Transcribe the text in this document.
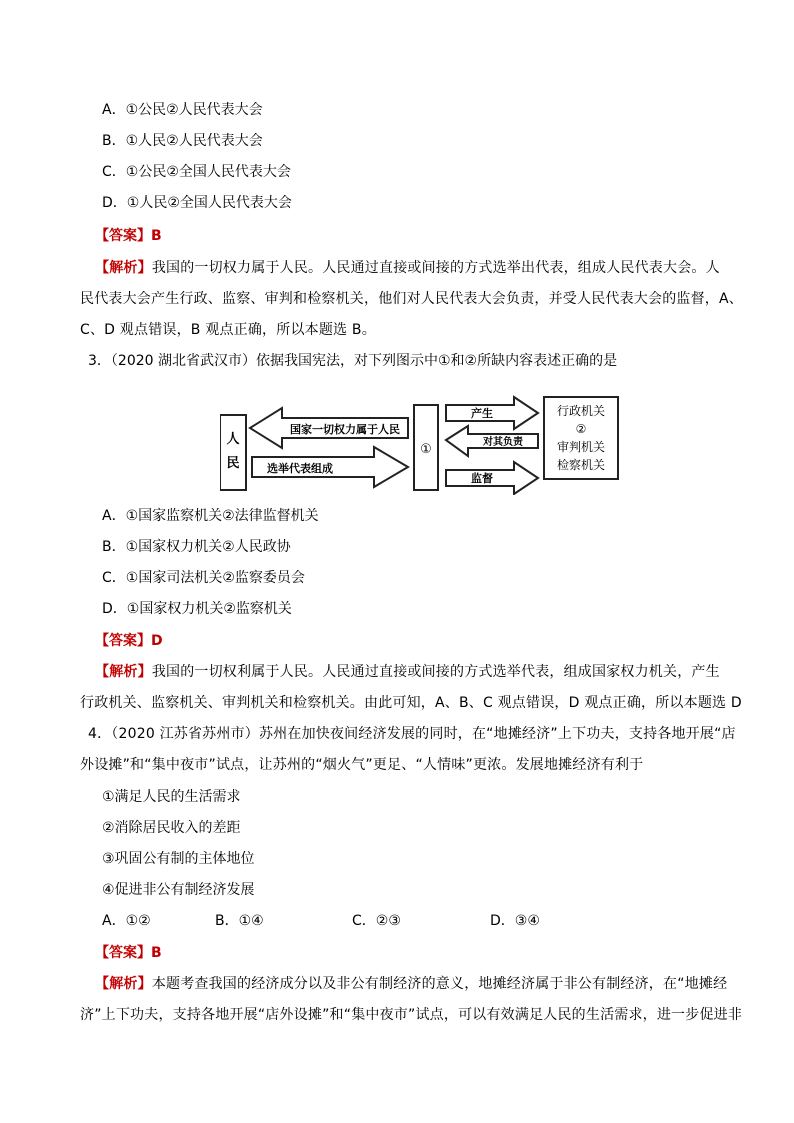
A．①公民②人民代表大会
B．①人民②人民代表大会
C．①公民②全国人民代表大会
D．①人民②全国人民代表大会
【答案】B
【解析】我国的一切权力属于人民。人民通过直接或间接的方式选举出代表，组成人民代表大会。人
民代表大会产生行政、监察、审判和检察机关，他们对人民代表大会负责，并受人民代表大会的监督，A、
C、D 观点错误，B 观点正确，所以本题选 B。
3．（2020 湖北省武汉市）依据我国宪法，对下列图示中①和②所缺内容表述正确的是
人
民
国家一切权力属于人民
选举代表组成
①
产生
对其负责
监督
行政机关
②
审判机关
检察机关
A．①国家监察机关②法律监督机关
B．①国家权力机关②人民政协
C．①国家司法机关②监察委员会
D．①国家权力机关②监察机关
【答案】D
【解析】我国的一切权利属于人民。人民通过直接或间接的方式选举代表，组成国家权力机关，产生
行政机关、监察机关、审判机关和检察机关。由此可知，A、B、C 观点错误，D 观点正确，所以本题选 D
4．（2020 江苏省苏州市）苏州在加快夜间经济发展的同时，在“地摊经济”上下功夫，支持各地开展“店
外设摊”和“集中夜市”试点，让苏州的“烟火气”更足、“人情味”更浓。发展地摊经济有利于
①满足人民的生活需求
②消除居民收入的差距
③巩固公有制的主体地位
④促进非公有制经济发展
A．①②	B．①④	C．②③	D．③④
【答案】B
【解析】本题考查我国的经济成分以及非公有制经济的意义，地摊经济属于非公有制经济，在“地摊经
济”上下功夫，支持各地开展“店外设摊”和“集中夜市”试点，可以有效满足人民的生活需求，进一步促进非
